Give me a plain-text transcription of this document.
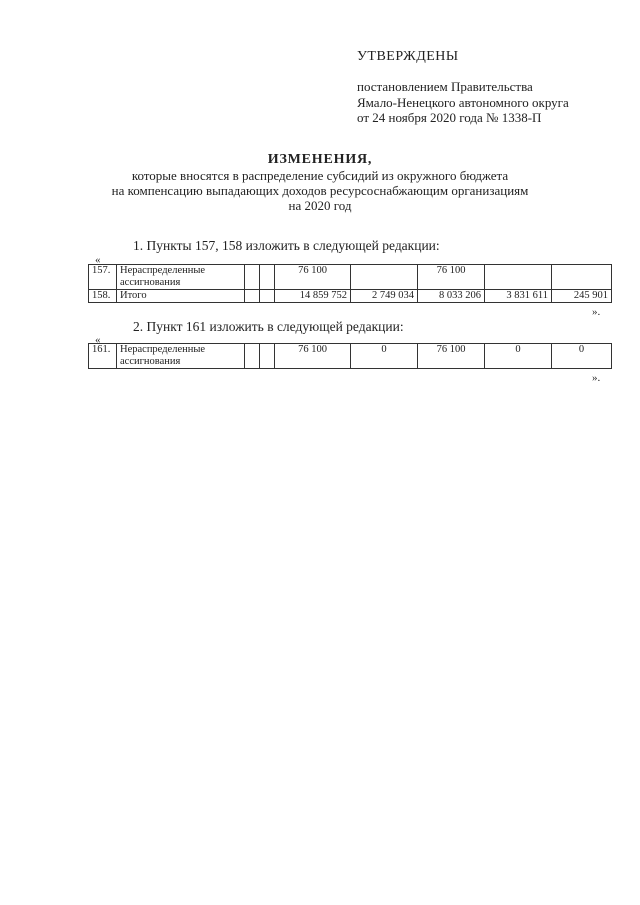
УТВЕРЖДЕНЫ
постановлением Правительства
Ямало-Ненецкого автономного округа
от 24 ноября 2020 года № 1338-П
ИЗМЕНЕНИЯ,
которые вносятся в распределение субсидий из окружного бюджета
на компенсацию выпадающих доходов ресурсоснабжающим организациям
на 2020 год
1. Пункты 157, 158 изложить в следующей редакции:
«
157.	Нераспределенные ассигнования			76 100		76 100		
158.	Итого			14 859 752	2 749 034	8 033 206	3 831 611	245 901
».
2. Пункт 161 изложить в следующей редакции:
«
161.	Нераспределенные ассигнования			76 100	0	76 100	0	0
».
